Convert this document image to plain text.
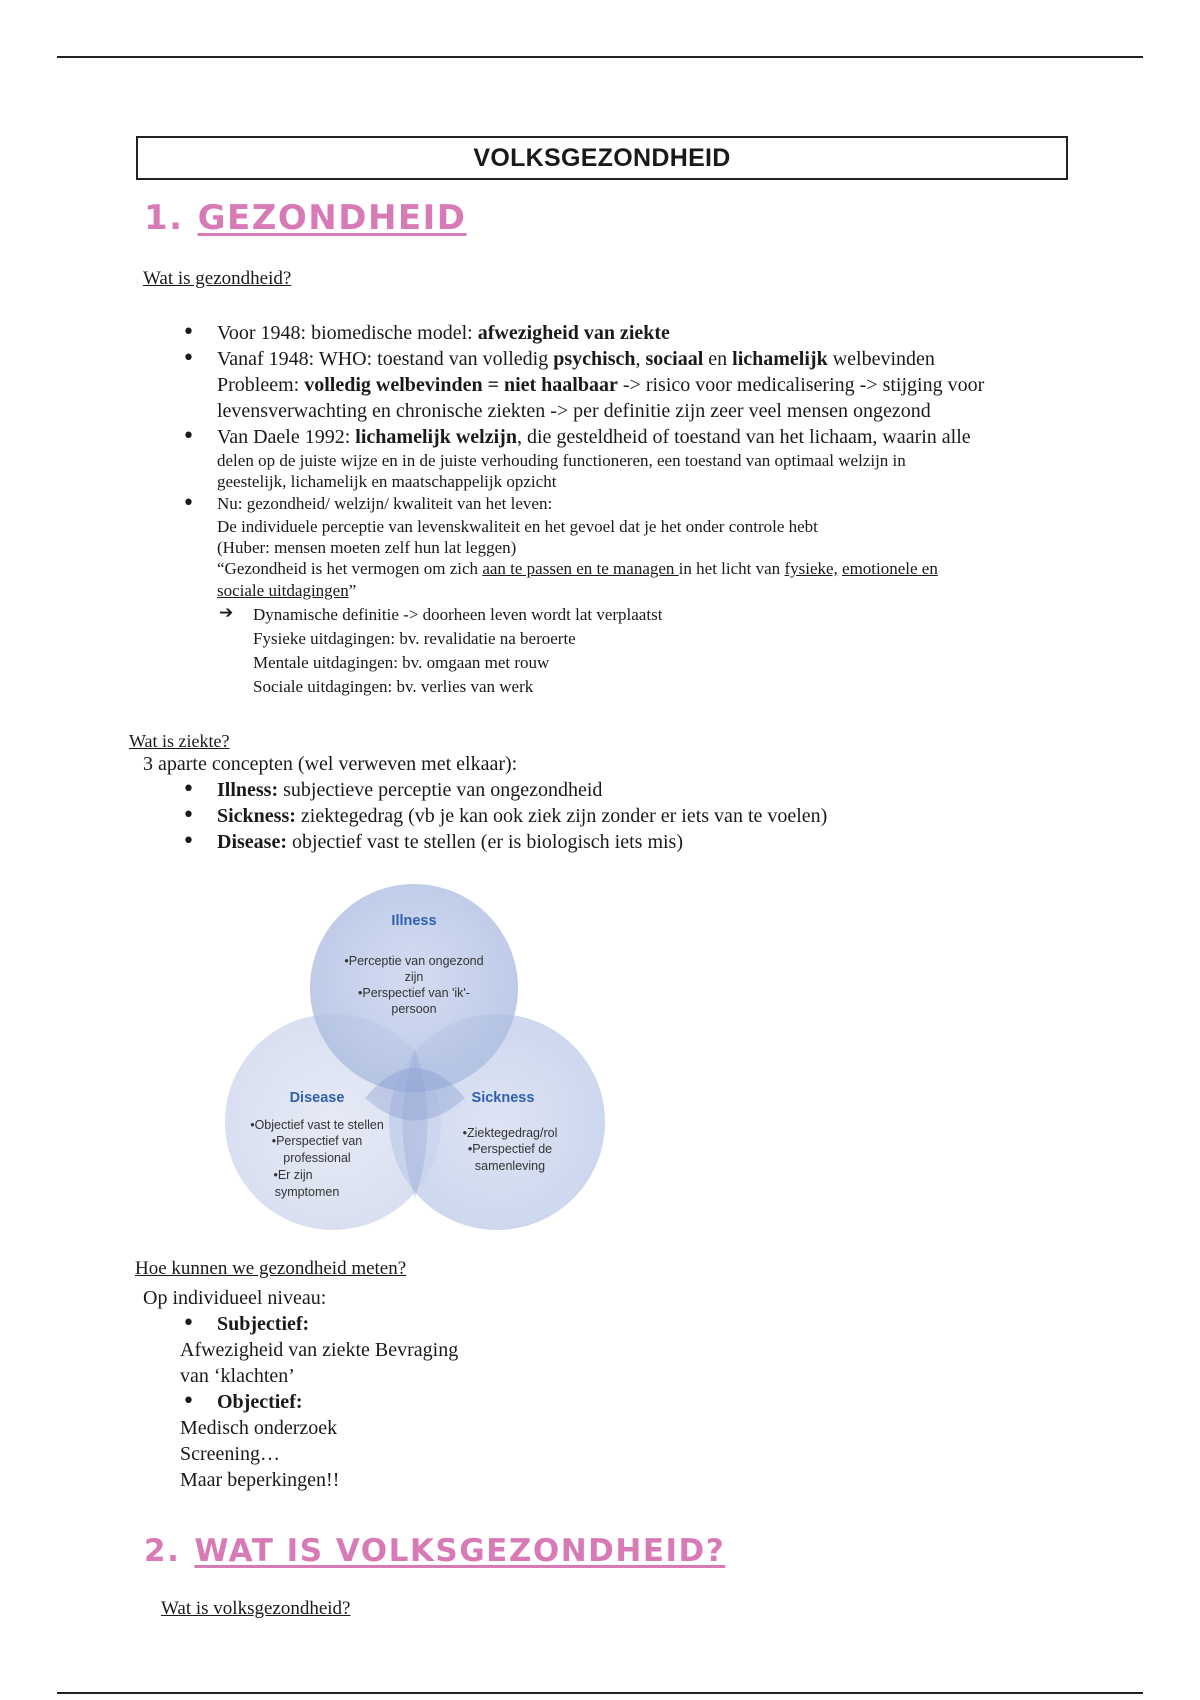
VOLKSGEZONDHEID
1. GEZONDHEID
Wat is gezondheid?
• Voor 1948: biomedische model: afwezigheid van ziekte
• Vanaf 1948: WHO: toestand van volledig psychisch, sociaal en lichamelijk welbevinden
Probleem: volledig welbevinden = niet haalbaar -> risico voor medicalisering -> stijging voor
levensverwachting en chronische ziekten -> per definitie zijn zeer veel mensen ongezond
• Van Daele 1992: lichamelijk welzijn, die gesteldheid of toestand van het lichaam, waarin alle
delen op de juiste wijze en in de juiste verhouding functioneren, een toestand van optimaal welzijn in
geestelijk, lichamelijk en maatschappelijk opzicht
• Nu: gezondheid/ welzijn/ kwaliteit van het leven:
De individuele perceptie van levenskwaliteit en het gevoel dat je het onder controle hebt
(Huber: mensen moeten zelf hun lat leggen)
“Gezondheid is het vermogen om zich aan te passen en te managen in het licht van fysieke, emotionele en
sociale uitdagingen”
➔ Dynamische definitie -> doorheen leven wordt lat verplaatst
Fysieke uitdagingen: bv. revalidatie na beroerte
Mentale uitdagingen: bv. omgaan met rouw
Sociale uitdagingen: bv. verlies van werk
Wat is ziekte?
3 aparte concepten (wel verweven met elkaar):
• Illness: subjectieve perceptie van ongezondheid
• Sickness: ziektegedrag (vb je kan ook ziek zijn zonder er iets van te voelen)
• Disease: objectief vast te stellen (er is biologisch iets mis)
Illness
•Perceptie van ongezond
zijn
•Perspectief van 'ik'-
persoon
Disease
•Objectief vast te stellen
•Perspectief van
professional
•Er zijn
symptomen
Sickness
•Ziektegedrag/rol
•Perspectief de
samenleving
Hoe kunnen we gezondheid meten?
Op individueel niveau:
• Subjectief:
Afwezigheid van ziekte Bevraging
van ‘klachten’
• Objectief:
Medisch onderzoek
Screening…
Maar beperkingen!!
2. WAT IS VOLKSGEZONDHEID?
Wat is volksgezondheid?
